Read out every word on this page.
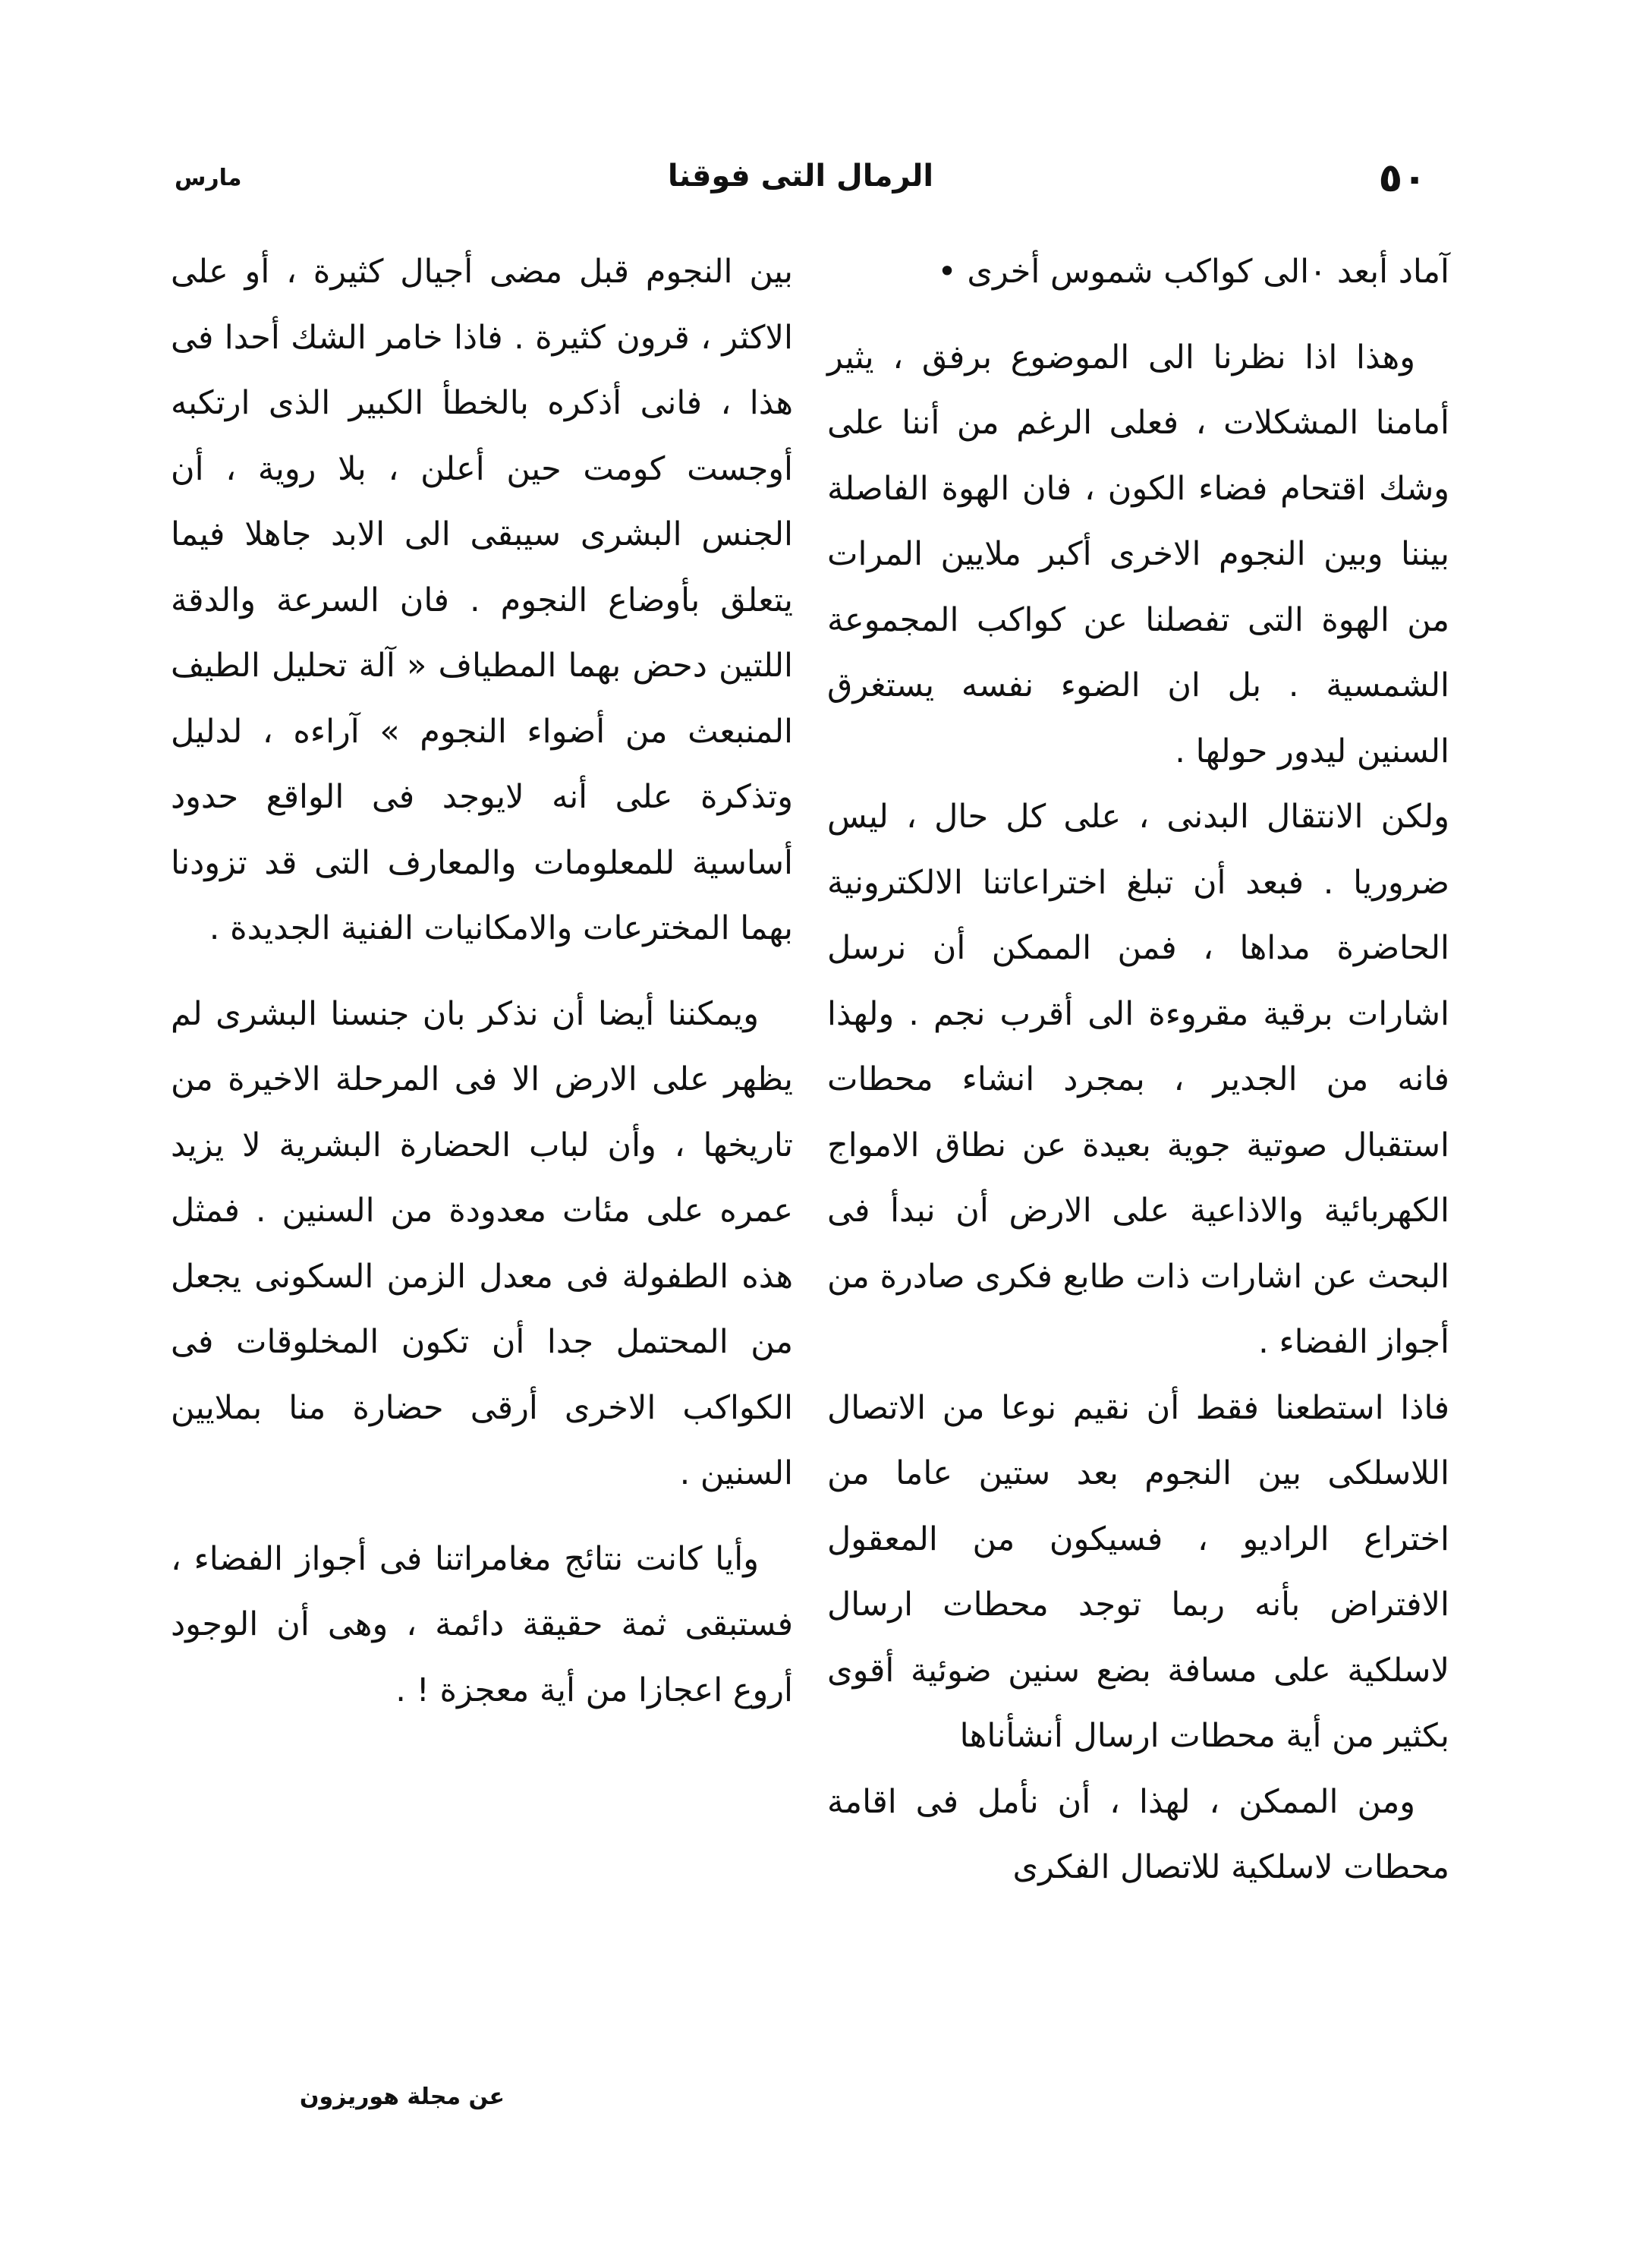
٥٠
الرمال التى فوقنا
مارس

آماد أبعد ٠الى كواكب شموس أخرى •

وهذا اذا نظرنا الى الموضوع برفق ، يثير أمامنا المشكلات ، فعلى الرغم من أننا على وشك اقتحام فضاء الكون ، فان الهوة الفاصلة بيننا وبين النجوم الاخرى أكبر ملايين المرات من الهوة التى تفصلنا عن كواكب المجموعة الشمسية . بل ان الضوء نفسه يستغرق السنين ليدور حولها .

ولكن الانتقال البدنى ، على كل حال ، ليس ضروريا . فبعد أن تبلغ اختراعاتنا الالكترونية الحاضرة مداها ، فمن الممكن أن نرسل اشارات برقية مقروءة الى أقرب نجم . ولهذا فانه من الجدير ، بمجرد انشاء محطات استقبال صوتية جوية بعيدة عن نطاق الامواج الكهربائية والاذاعية على الارض أن نبدأ فى البحث عن اشارات ذات طابع فكرى صادرة من أجواز الفضاء .

فاذا استطعنا فقط أن نقيم نوعا من الاتصال اللاسلكى بين النجوم بعد ستين عاما من اختراع الراديو ، فسيكون من المعقول الافتراض بأنه ربما توجد محطات ارسال لاسلكية على مسافة بضع سنين ضوئية أقوى بكثير من أية محطات ارسال أنشأناها

ومن الممكن ، لهذا ، أن نأمل فى اقامة محطات لاسلكية للاتصال الفكرى

بين النجوم قبل مضى أجيال كثيرة ، أو على الاكثر ، قرون كثيرة . فاذا خامر الشك أحدا فى هذا ، فانى أذكره بالخطأ الكبير الذى ارتكبه أوجست كومت حين أعلن ، بلا روية ، أن الجنس البشرى سيبقى الى الابد جاهلا فيما يتعلق بأوضاع النجوم . فان السرعة والدقة اللتين دحض بهما المطياف « آلة تحليل الطيف المنبعث من أضواء النجوم » آراءه ، لدليل وتذكرة على أنه لايوجد فى الواقع حدود أساسية للمعلومات والمعارف التى قد تزودنا بهما المخترعات والامكانيات الفنية الجديدة .

ويمكننا أيضا أن نذكر بان جنسنا البشرى لم يظهر على الارض الا فى المرحلة الاخيرة من تاريخها ، وأن لباب الحضارة البشرية لا يزيد عمره على مئات معدودة من السنين . فمثل هذه الطفولة فى معدل الزمن السكونى يجعل من المحتمل جدا أن تكون المخلوقات فى الكواكب الاخرى أرقى حضارة منا بملايين السنين .

وأيا كانت نتائج مغامراتنا فى أجواز الفضاء ، فستبقى ثمة حقيقة دائمة ، وهى أن الوجود أروع اعجازا من أية معجزة ! .

عن مجلة هوريزون
